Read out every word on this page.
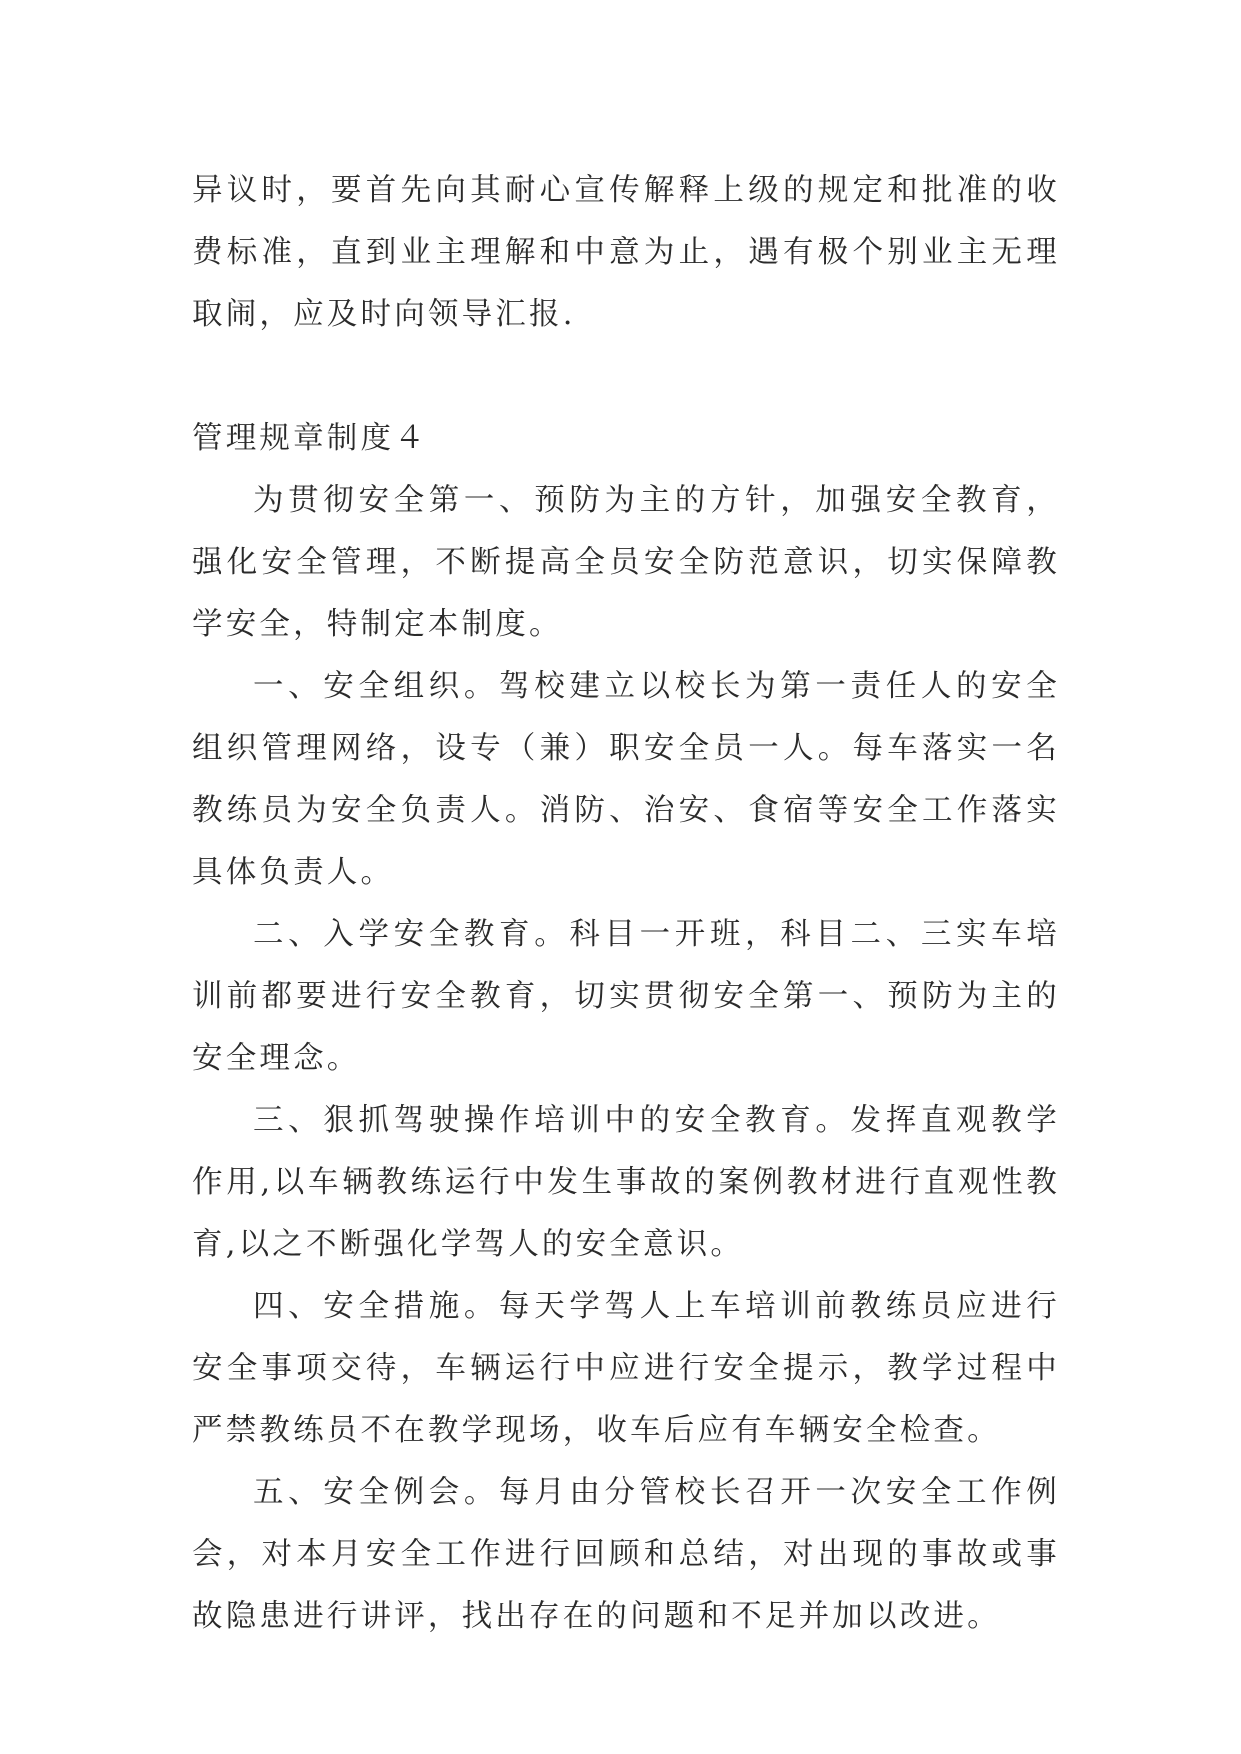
异议时，要首先向其耐心宣传解释上级的规定和批准的收费标准，直到业主理解和中意为止，遇有极个别业主无理取闹，应及时向领导汇报.

管理规章制度４

为贯彻安全第一、预防为主的方针，加强安全教育，强化安全管理，不断提高全员安全防范意识，切实保障教学安全，特制定本制度。

一、安全组织。驾校建立以校长为第一责任人的安全组织管理网络，设专（兼）职安全员一人。每车落实一名教练员为安全负责人。消防、治安、食宿等安全工作落实具体负责人。

二、入学安全教育。科目一开班，科目二、三实车培训前都要进行安全教育，切实贯彻安全第一、预防为主的安全理念。

三、狠抓驾驶操作培训中的安全教育。发挥直观教学作用,以车辆教练运行中发生事故的案例教材进行直观性教育,以之不断强化学驾人的安全意识。

四、安全措施。每天学驾人上车培训前教练员应进行安全事项交待，车辆运行中应进行安全提示，教学过程中严禁教练员不在教学现场，收车后应有车辆安全检查。

五、安全例会。每月由分管校长召开一次安全工作例会，对本月安全工作进行回顾和总结，对出现的事故或事故隐患进行讲评，找出存在的问题和不足并加以改进。
